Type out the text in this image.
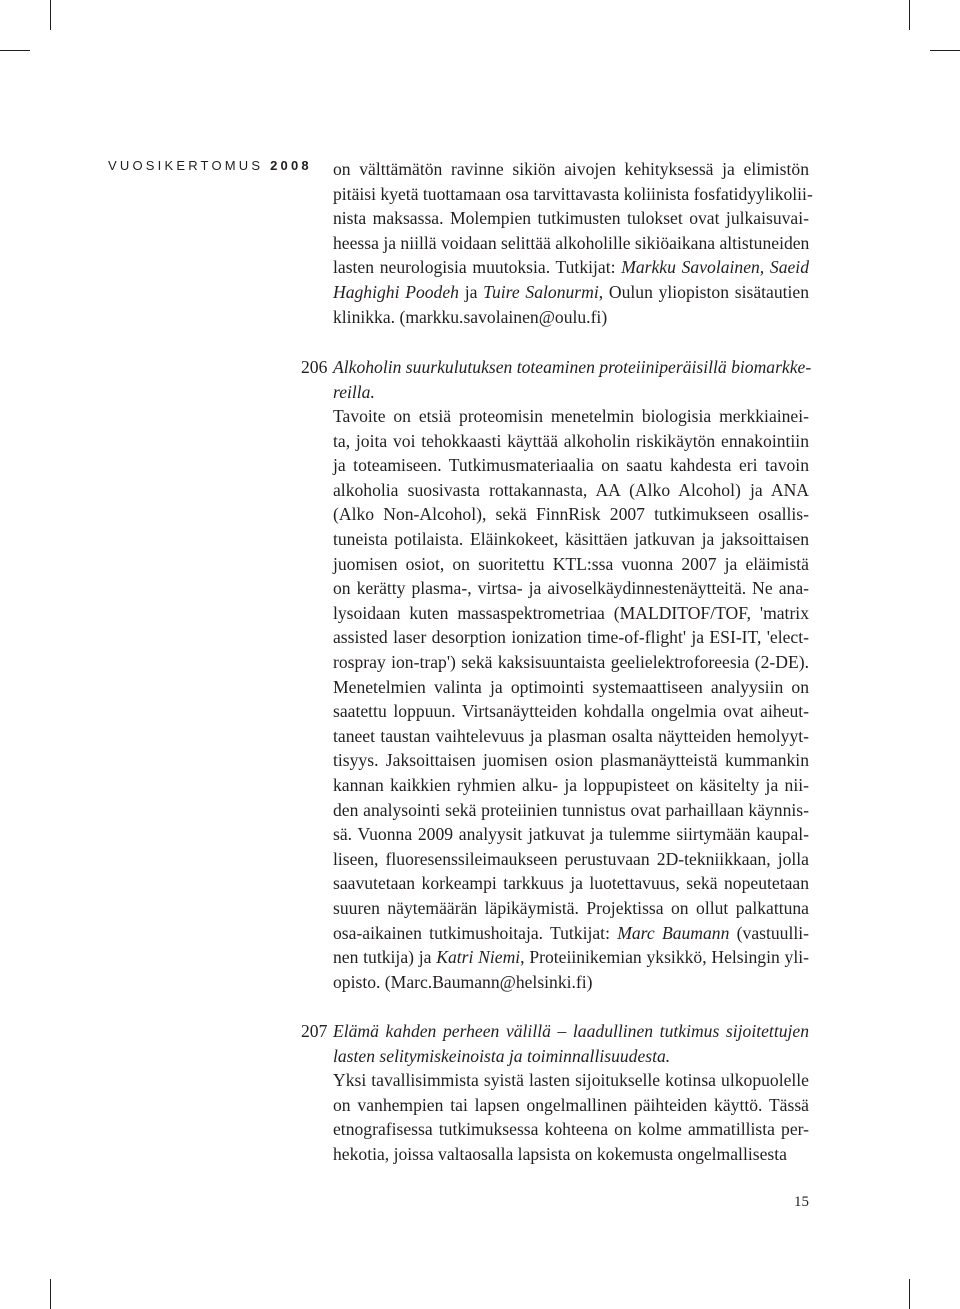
VUOSIKERTOMUS 2008 on välttämätön ravinne sikiön aivojen kehityksessä ja elimistön
pitäisi kyetä tuottamaan osa tarvittavasta koliinista fosfatidyylikolii-
nista maksassa. Molempien tutkimusten tulokset ovat julkaisuvai-
heessa ja niillä voidaan selittää alkoholille sikiöaikana altistuneiden
lasten neurologisia muutoksia. Tutkijat: Markku Savolainen, Saeid
Haghighi Poodeh ja Tuire Salonurmi, Oulun yliopiston sisätautien
klinikka. (markku.savolainen@oulu.fi)
206 Alkoholin suurkulutuksen toteaminen proteiiniperäisillä biomarkke-
reilla.
Tavoite on etsiä proteomisin menetelmin biologisia merkkiainei-
ta, joita voi tehokkaasti käyttää alkoholin riskikäytön ennakointiin
ja toteamiseen. Tutkimusmateriaalia on saatu kahdesta eri tavoin
alkoholia suosivasta rottakannasta, AA (Alko Alcohol) ja ANA
(Alko Non-Alcohol), sekä FinnRisk 2007 tutkimukseen osallis-
tuneista potilaista. Eläinkokeet, käsittäen jatkuvan ja jaksoittaisen
juomisen osiot, on suoritettu KTL:ssa vuonna 2007 ja eläimistä
on kerätty plasma-, virtsa- ja aivoselkäydinnestenäytteitä. Ne ana-
lysoidaan kuten massaspektrometriaa (MALDITOF/TOF, 'matrix
assisted laser desorption ionization time-of-flight' ja ESI-IT, 'elect-
rospray ion-trap') sekä kaksisuuntaista geelielektroforeesia (2-DE).
Menetelmien valinta ja optimointi systemaattiseen analyysiin on
saatettu loppuun. Virtsanäytteiden kohdalla ongelmia ovat aiheut-
taneet taustan vaihtelevuus ja plasman osalta näytteiden hemolyyt-
tisyys. Jaksoittaisen juomisen osion plasmanäytteistä kummankin
kannan kaikkien ryhmien alku- ja loppupisteet on käsitelty ja nii-
den analysointi sekä proteiinien tunnistus ovat parhaillaan käynnis-
sä. Vuonna 2009 analyysit jatkuvat ja tulemme siirtymään kaupal-
liseen, fluoresenssileimaukseen perustuvaan 2D-tekniikkaan, jolla
saavutetaan korkeampi tarkkuus ja luotettavuus, sekä nopeutetaan
suuren näytemäärän läpikäymistä. Projektissa on ollut palkattuna
osa-aikainen tutkimushoitaja. Tutkijat: Marc Baumann (vastuulli-
nen tutkija) ja Katri Niemi, Proteiinikemian yksikkö, Helsingin yli-
opisto. (Marc.Baumann@helsinki.fi)
207 Elämä kahden perheen välillä – laadullinen tutkimus sijoitettujen
lasten selitymiskeinoista ja toiminnallisuudesta.
Yksi tavallisimmista syistä lasten sijoitukselle kotinsa ulkopuolelle
on vanhempien tai lapsen ongelmallinen päihteiden käyttö. Tässä
etnografisessa tutkimuksessa kohteena on kolme ammatillista per-
hekotia, joissa valtaosalla lapsista on kokemusta ongelmallisesta
15
